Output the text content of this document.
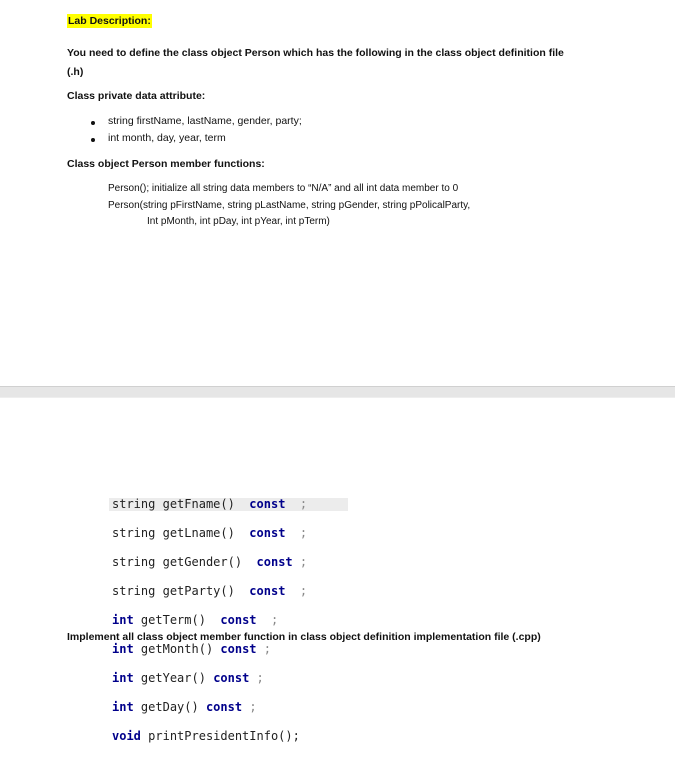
Lab Description:
You need to define the class object Person which has the following in the class object definition file
(.h)
Class private data attribute:
string firstName, lastName, gender, party;
int month, day, year, term
Class object Person member functions:
Person(); initialize all string data members to “N/A” and all int data member to 0
Person(string pFirstName, string pLastName, string pGender, string pPolicalParty,
Int pMonth, int pDay, int pYear, int pTerm)

string getFname() const ;

string getLname() const ;

string getGender() const ;

string getParty() const ;

int getTerm() const ;

int getMonth() const ;

int getYear() const ;

int getDay() const ;

void printPresidentInfo();

Implement all class object member function in class object definition implementation file (.cpp)
